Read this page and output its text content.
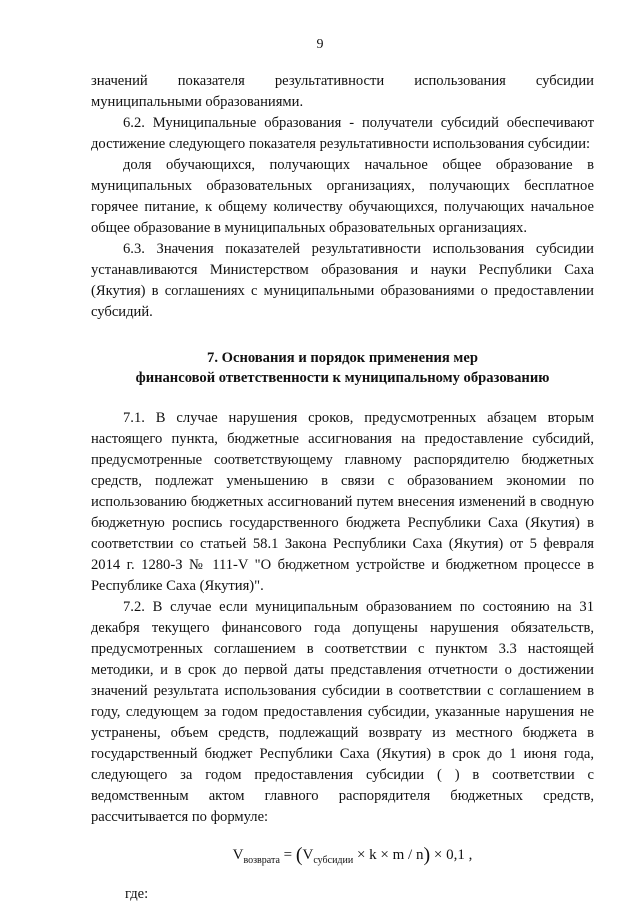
9

значений показателя результативности использования субсидии муниципальными образованиями.

6.2. Муниципальные образования - получатели субсидий обеспечивают достижение следующего показателя результативности использования субсидии:

доля обучающихся, получающих начальное общее образование в муниципальных образовательных организациях, получающих бесплатное горячее питание, к общему количеству обучающихся, получающих начальное общее образование в муниципальных образовательных организациях.

6.3. Значения показателей результативности использования субсидии устанавливаются Министерством образования и науки Республики Саха (Якутия) в соглашениях с муниципальными образованиями о предоставлении субсидий.

7. Основания и порядок применения мер

финансовой ответственности к муниципальному образованию

7.1. В случае нарушения сроков, предусмотренных абзацем вторым настоящего пункта, бюджетные ассигнования на предоставление субсидий, предусмотренные соответствующему главному распорядителю бюджетных средств, подлежат уменьшению в связи с образованием экономии по использованию бюджетных ассигнований путем внесения изменений в сводную бюджетную роспись государственного бюджета Республики Саха (Якутия) в соответствии со статьей 58.1 Закона Республики Саха (Якутия) от 5 февраля 2014 г. 1280-З № 111-V "О бюджетном устройстве и бюджетном процессе в Республике Саха (Якутия)".

7.2. В случае если муниципальным образованием по состоянию на 31 декабря текущего финансового года допущены нарушения обязательств, предусмотренных соглашением в соответствии с пунктом 3.3 настоящей методики, и в срок до первой даты представления отчетности о достижении значений результата использования субсидии в соответствии с соглашением в году, следующем за годом предоставления субсидии, указанные нарушения не устранены, объем средств, подлежащий возврату из местного бюджета в государственный бюджет Республики Саха (Якутия) в срок до 1 июня года, следующего за годом предоставления субсидии ( ) в соответствии с ведомственным актом главного распорядителя бюджетных средств, рассчитывается по формуле:

$V_{возврата} = (V_{субсидии} \times k \times m / n) \times 0,1$ ,

где:
